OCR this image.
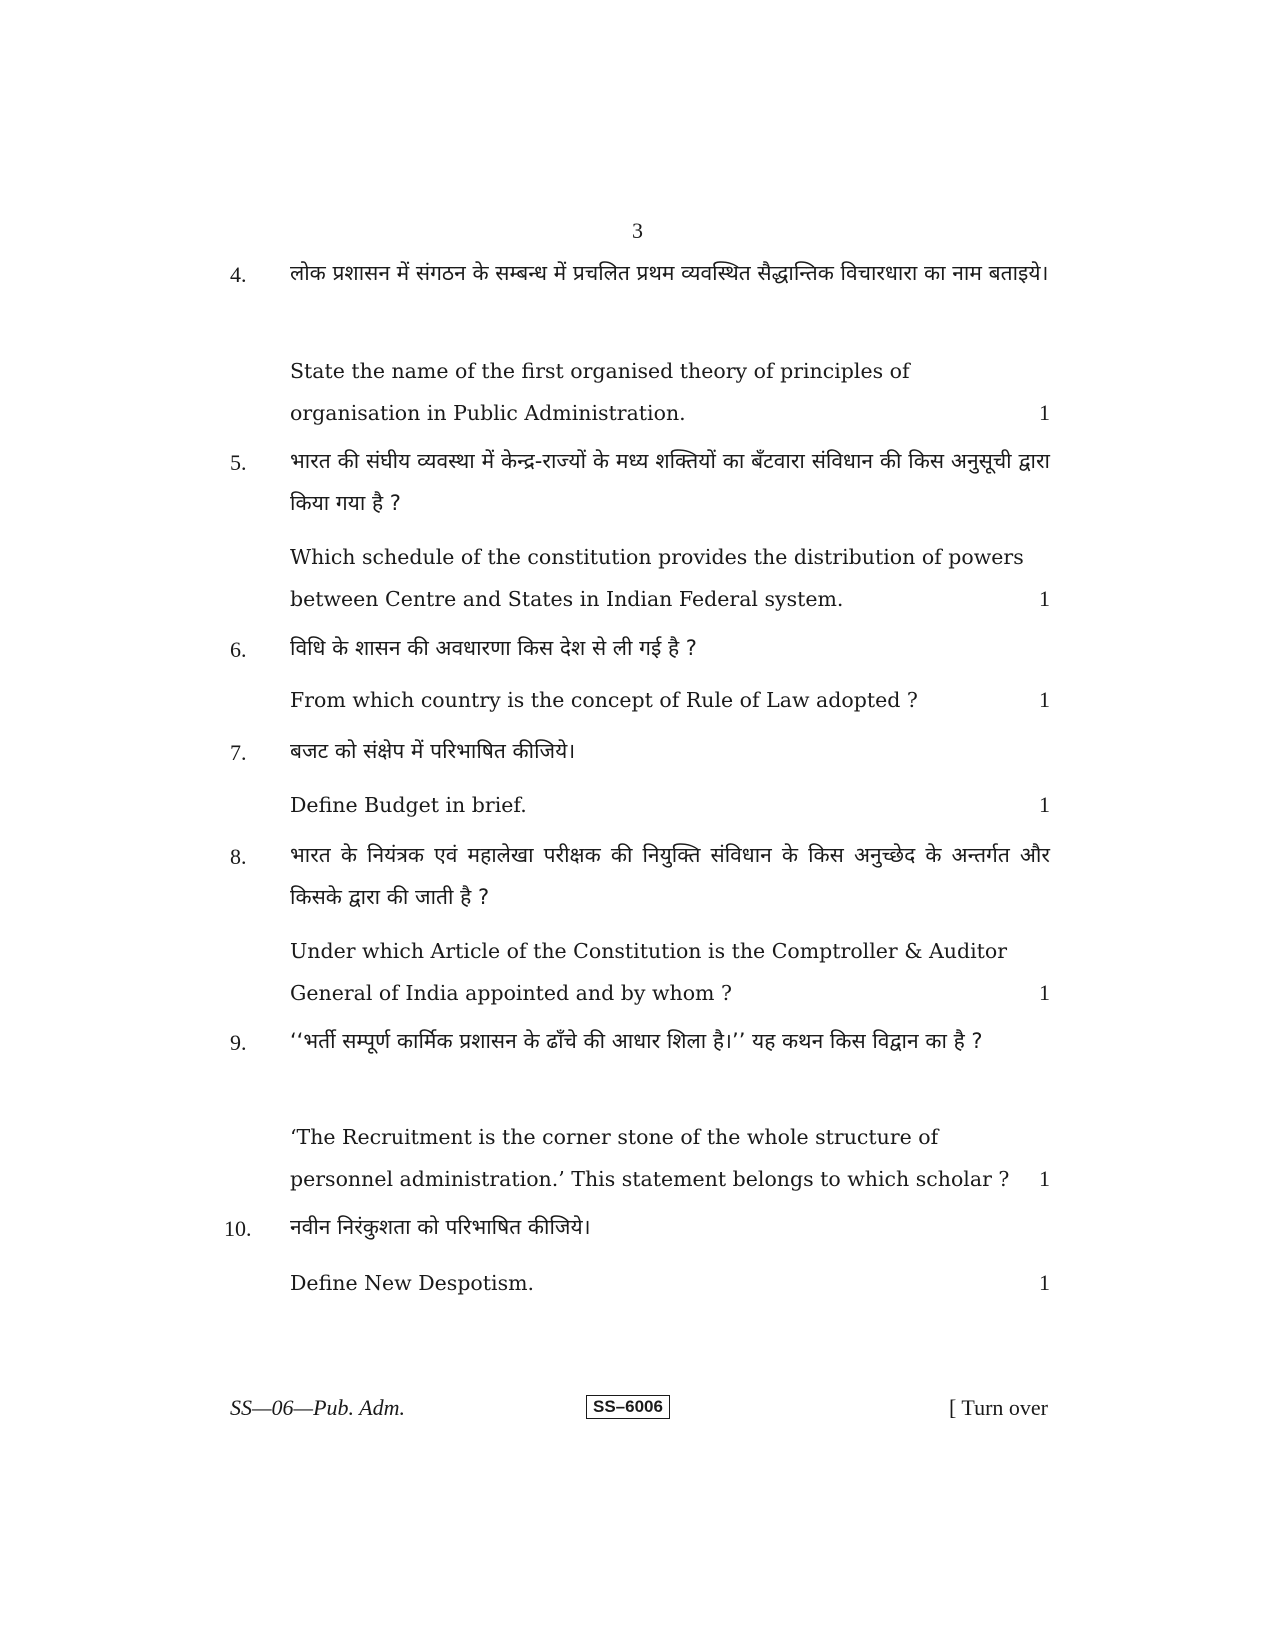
3
4. लोक प्रशासन में संगठन के सम्बन्ध में प्रचलित प्रथम व्यवस्थित सैद्धान्तिक विचारधारा का नाम बताइये।
State the name of the first organised theory of principles of
organisation in Public Administration.	1
5. भारत की संघीय व्यवस्था में केन्द्र-राज्यों के मध्य शक्तियों का बँटवारा संविधान की किस अनुसूची द्वारा किया गया है ?
Which schedule of the constitution provides the distribution of powers
between Centre and States in Indian Federal system.	1
6. विधि के शासन की अवधारणा किस देश से ली गई है ?
From which country is the concept of Rule of Law adopted ?	1
7. बजट को संक्षेप में परिभाषित कीजिये।
Define Budget in brief.	1
8. भारत के नियंत्रक एवं महालेखा परीक्षक की नियुक्ति संविधान के किस अनुच्छेद के अन्तर्गत और किसके द्वारा की जाती है ?
Under which Article of the Constitution is the Comptroller & Auditor
General of India appointed and by whom ?	1
9. ‘‘भर्ती सम्पूर्ण कार्मिक प्रशासन के ढाँचे की आधार शिला है।’’ यह कथन किस विद्वान का है ?
‘The Recruitment is the corner stone of the whole structure of
personnel administration.’ This statement belongs to which scholar ? 1
10. नवीन निरंकुशता को परिभाषित कीजिये।
Define New Despotism.	1
SS—06—Pub. Adm.	SS–6006	[ Turn over
